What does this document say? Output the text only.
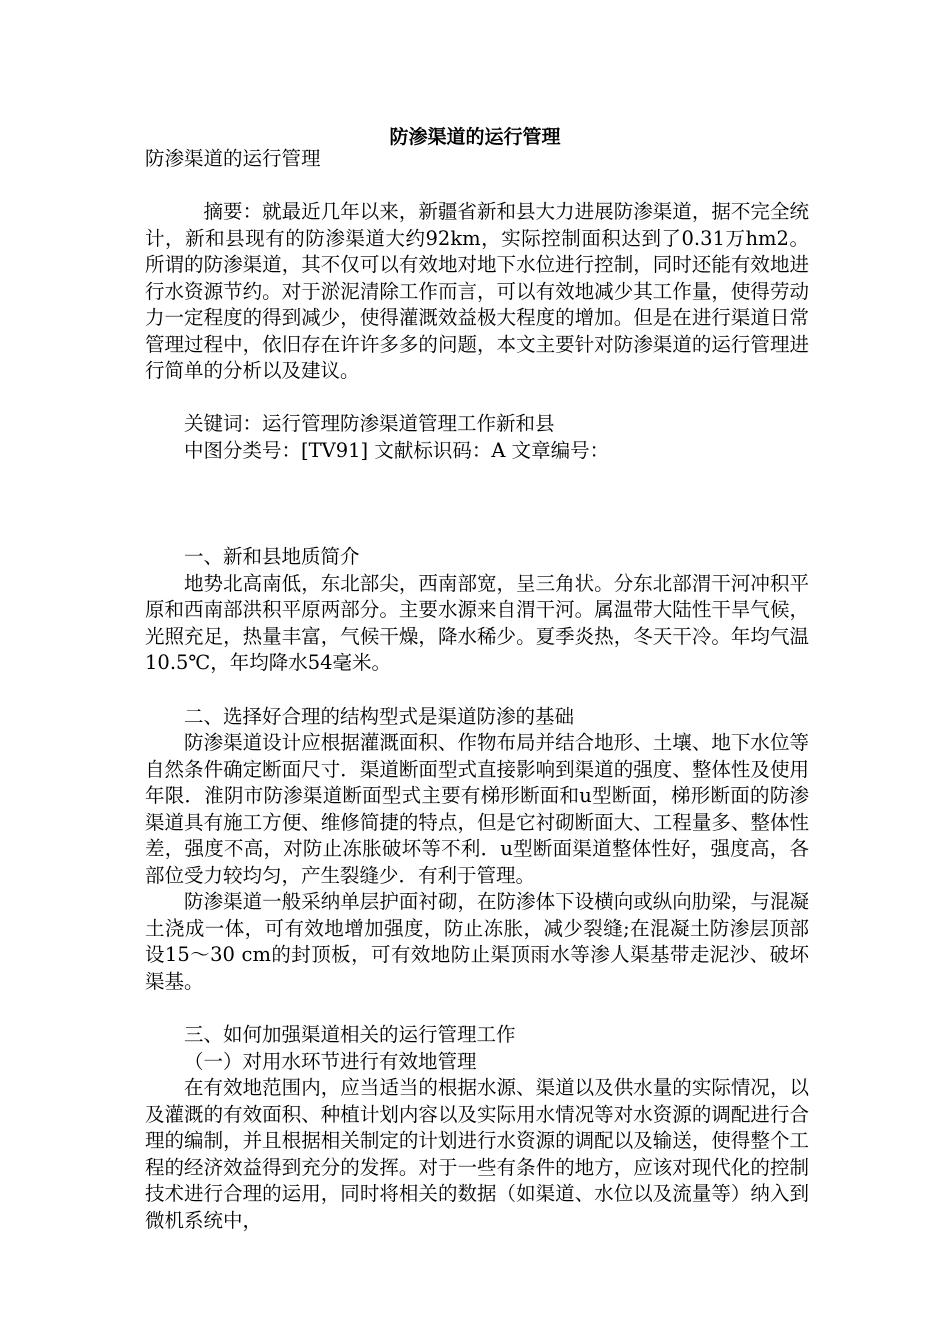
防渗渠道的运行管理

防渗渠道的运行管理

摘要：就最近几年以来，新疆省新和县大力进展防渗渠道，据不完全统计，新和县现有的防渗渠道大约92km，实际控制面积达到了0.31万hm2。所谓的防渗渠道，其不仅可以有效地对地下水位进行控制，同时还能有效地进行水资源节约。对于淤泥清除工作而言，可以有效地减少其工作量，使得劳动力一定程度的得到减少，使得灌溉效益极大程度的增加。但是在进行渠道日常管理过程中，依旧存在许许多多的问题，本文主要针对防渗渠道的运行管理进行简单的分析以及建议。

关键词：运行管理防渗渠道管理工作新和县

中图分类号：[TV91] 文献标识码：A 文章编号：

一、新和县地质简介

地势北高南低，东北部尖，西南部宽，呈三角状。分东北部渭干河冲积平原和西南部洪积平原两部分。主要水源来自渭干河。属温带大陆性干旱气候，光照充足，热量丰富，气候干燥，降水稀少。夏季炎热，冬天干冷。年均气温10.5℃，年均降水54毫米。

二、选择好合理的结构型式是渠道防渗的基础

防渗渠道设计应根据灌溉面积、作物布局并结合地形、土壤、地下水位等自然条件确定断面尺寸．渠道断面型式直接影响到渠道的强度、整体性及使用年限．淮阴市防渗渠道断面型式主要有梯形断面和u型断面，梯形断面的防渗渠道具有施工方便、维修简捷的特点，但是它衬砌断面大、工程量多、整体性差，强度不高，对防止冻胀破坏等不利．u型断面渠道整体性好，强度高，各部位受力较均匀，产生裂缝少．有利于管理。

防渗渠道一般采纳单层护面衬砌，在防渗体下设横向或纵向肋梁，与混凝土浇成一体，可有效地增加强度，防止冻胀，减少裂缝;在混凝土防渗层顶部设15～30 cm的封顶板，可有效地防止渠顶雨水等渗人渠基带走泥沙、破坏渠基。

三、如何加强渠道相关的运行管理工作

（一）对用水环节进行有效地管理

在有效地范围内，应当适当的根据水源、渠道以及供水量的实际情况，以及灌溉的有效面积、种植计划内容以及实际用水情况等对水资源的调配进行合理的编制，并且根据相关制定的计划进行水资源的调配以及输送，使得整个工程的经济效益得到充分的发挥。对于一些有条件的地方，应该对现代化的控制技术进行合理的运用，同时将相关的数据（如渠道、水位以及流量等）纳入到微机系统中，
